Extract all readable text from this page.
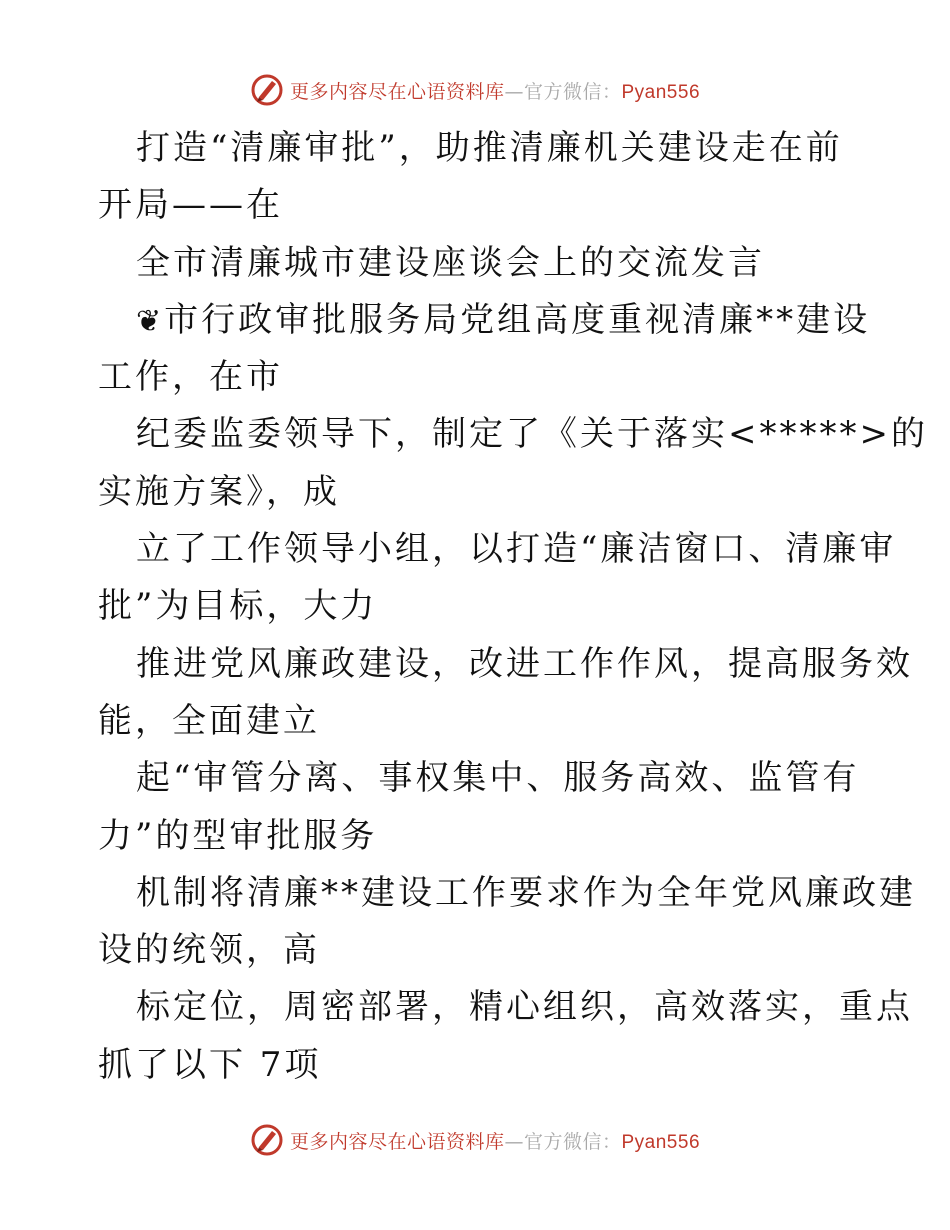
更多内容尽在心语资料库—官方微信：Pyan556
打造“清廉审批”，助推清廉机关建设走在前
开局——在
全市清廉城市建设座谈会上的交流发言
❦市行政审批服务局党组高度重视清廉**建设
工作，在市
纪委监委领导下，制定了《关于落实<*****>的
实施方案》，成
立了工作领导小组，以打造“廉洁窗口、清廉审
批”为目标，大力
推进党风廉政建设，改进工作作风，提高服务效
能，全面建立
起“审管分离、事权集中、服务高效、监管有
力”的型审批服务
机制将清廉**建设工作要求作为全年党风廉政建
设的统领，高
标定位，周密部署，精心组织，高效落实，重点
抓了以下 7项
更多内容尽在心语资料库—官方微信：Pyan556
